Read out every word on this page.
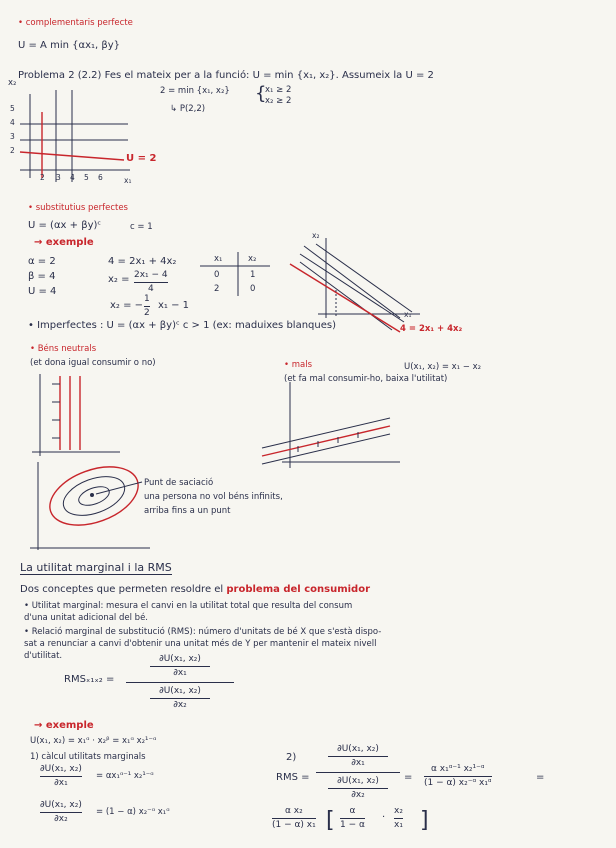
• complementaris perfecte
U = A min {αx₁, βy}
Problema 2 (2.2) Fes el mateix per a la funció: U = min {x₁, x₂}. Assumeix la U = 2
2 = min {x₁, x₂} {
x₁ ≥ 2
x₂ ≥ 2
↳ P(2,2)
x₂
5
4
3
2
2 3 4 5 6	x₁
U = 2
• substitutius perfectes
U = (αx + βy)ᶜ	c = 1
→ exemple
α = 2
β = 4
U = 4
4 = 2x₁ + 4x₂
x₂ = 2x₁ − 4
4
x₂ = −
1
2
x₁ − 1
x₁	x₂
0	1
2	0
x₂
x₁
4 = 2x₁ + 4x₂
• Imperfectes : U = (αx + βy)ᶜ c > 1 (ex: maduixes blanques)
• Béns neutrals
(et dona igual consumir o no)	• mals	U(x₁, x₂) = x₁ − x₂
(et fa mal consumir-ho, baixa l'utilitat)
Punt de saciació
una persona no vol béns infinits,
arriba fins a un punt
La utilitat marginal i la RMS
Dos conceptes que permeten resoldre el problema del consumidor
• Utilitat marginal: mesura el canvi en la utilitat total que resulta del consum
d'una unitat adicional del bé.
• Relació marginal de substitució (RMS): número d'unitats de bé X que s'està dispo-
sat a renunciar a canvi d'obtenir una unitat més de Y per mantenir el mateix nivell
d'utilitat.
RMSₓ₁ₓ₂ =
$\frac{\text{∂U(x₁, x₂)}}{\text{∂x₁}}$
$\frac{\text{∂U(x₁, x₂)}}{\text{∂x₂}}$
→ exemple
U(x₁, x₂) = x₁ᵅ · x₂ᵝ = x₁ᵅ x₂¹⁻ᵅ
1) càlcul utilitats marginals
∂U(x₁, x₂)
∂x₁
= αx₁ᵅ⁻¹ x₂¹⁻ᵅ
∂U(x₁, x₂)
∂x₂
= (1 − α) x₂⁻ᵅ x₁ᵅ
2)
RMS =
$\frac{\text{∂U(x₁, x₂)}}{\text{∂x₁}}$
$\frac{\text{∂U(x₁, x₂)}}{\text{∂x₂}}$ =
α x₁ᵅ⁻¹ x₂¹⁻ᵅ
(1 − α) x₂⁻ᵅ x₁ᵅ	=
α x₂
(1 − α) x₁ [ α
1 − α
·
x₂
x₁ ]
